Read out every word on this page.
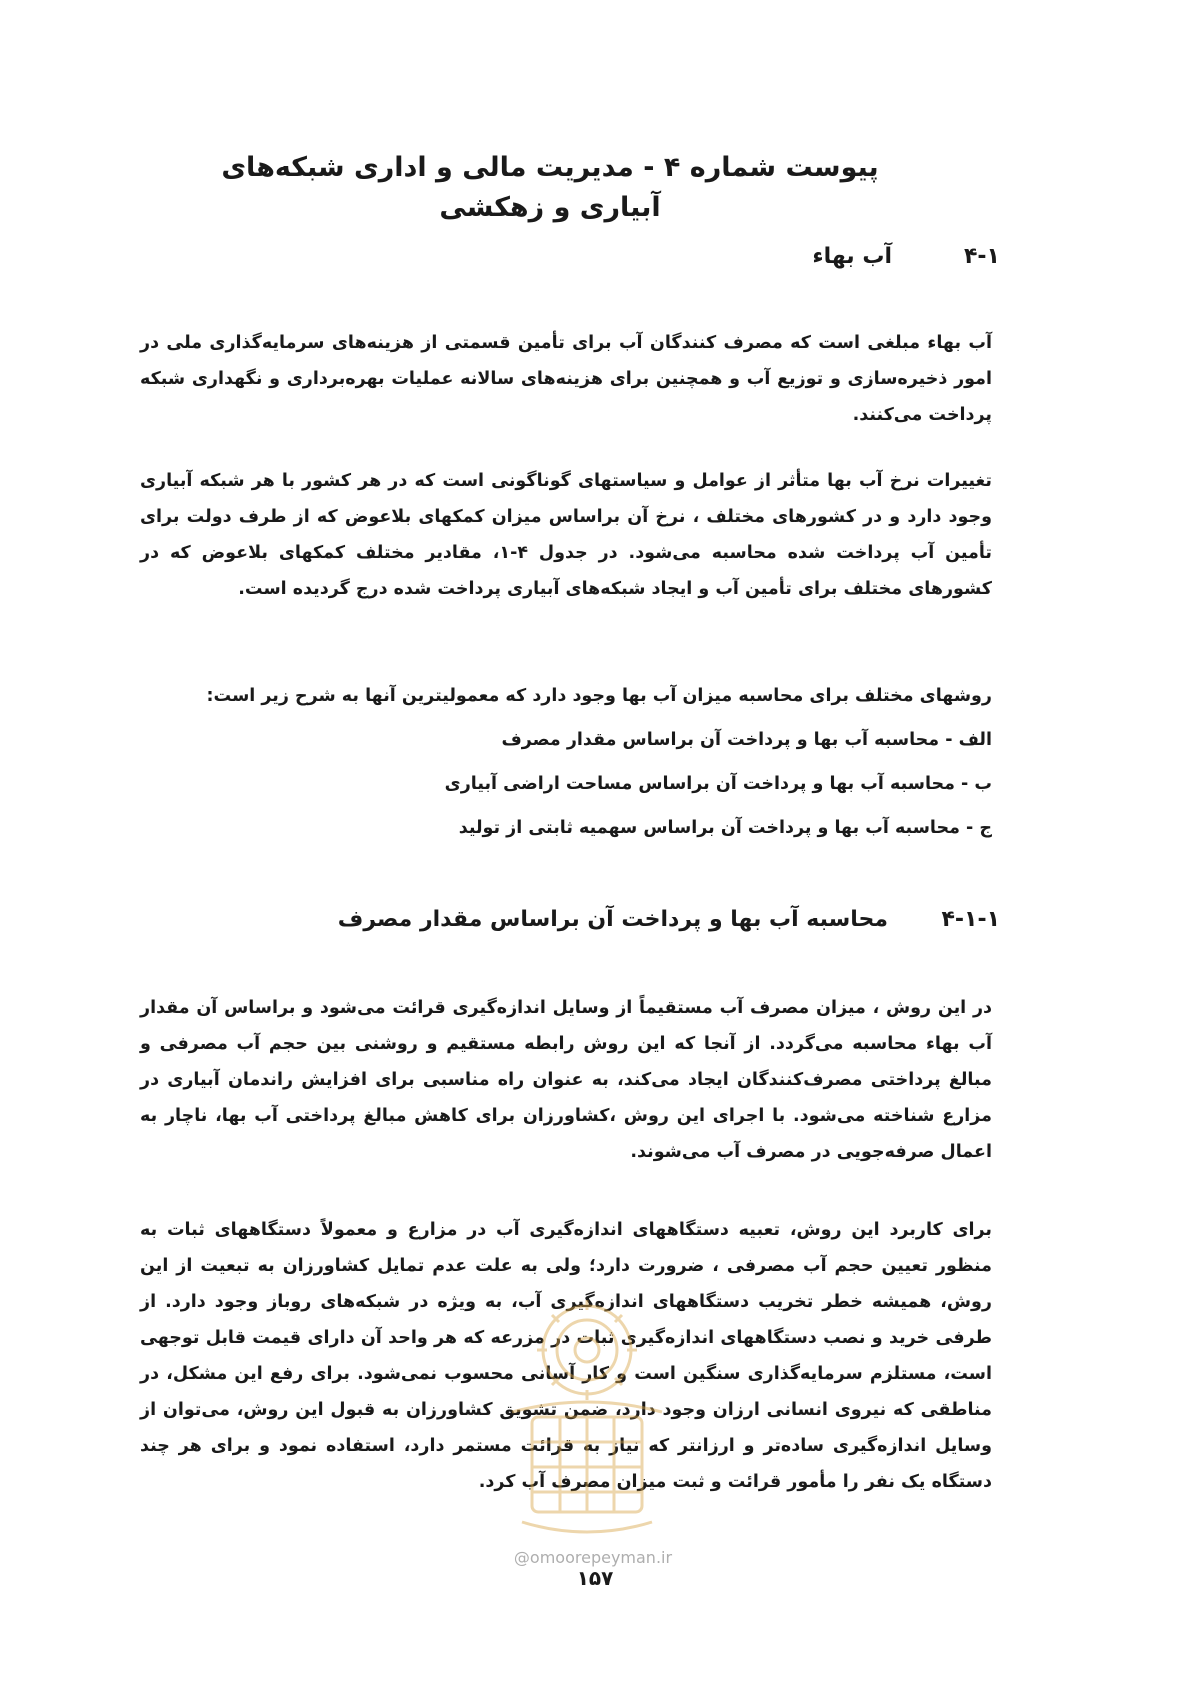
پیوست شماره ۴ - مدیریت مالی و اداری شبکه‌های آبیاری و زهکشی
۴-۱
آب بهاء
آب بهاء مبلغی است که مصرف کنندگان آب برای تأمین قسمتی از هزینه‌های سرمایه‌گذاری ملی در امور ذخیره‌سازی و توزیع آب و همچنین برای هزینه‌های سالانه عملیات بهره‌برداری و نگهداری شبکه پرداخت می‌کنند.
تغییرات نرخ آب بها متأثر از عوامل و سیاستهای گوناگونی است که در هر کشور با هر شبکه آبیاری وجود دارد و در کشورهای مختلف ، نرخ آن براساس میزان کمکهای بلاعوض که از طرف دولت برای تأمین آب پرداخت شده محاسبه می‌شود. در جدول ۴-۱، مقادیر مختلف کمکهای بلاعوض که در کشورهای مختلف برای تأمین آب و ایجاد شبکه‌های آبیاری پرداخت شده درج گردیده است.
روشهای مختلف برای محاسبه میزان آب بها وجود دارد که معمولیترین آنها به شرح زیر است:
الف - محاسبه آب بها و پرداخت آن براساس مقدار مصرف
ب - محاسبه آب بها و پرداخت آن براساس مساحت اراضی آبیاری
ج - محاسبه آب بها و پرداخت آن براساس سهمیه ثابتی از تولید
۴-۱-۱
محاسبه آب بها و پرداخت آن براساس مقدار مصرف
در این روش ، میزان مصرف آب مستقیماً از وسایل اندازه‌گیری قرائت می‌شود و براساس آن مقدار آب بهاء محاسبه می‌گردد. از آنجا که این روش رابطه مستقیم و روشنی بین حجم آب مصرفی و مبالغ پرداختی مصرف‌کنندگان ایجاد می‌کند، به عنوان راه مناسبی برای افزایش راندمان آبیاری در مزارع شناخته می‌شود. با اجرای این روش ،کشاورزان برای کاهش مبالغ پرداختی آب بها، ناچار به اعمال صرفه‌جویی در مصرف آب می‌شوند.
برای کاربرد این روش، تعبیه دستگاههای اندازه‌گیری آب در مزارع و معمولاً دستگاههای ثبات به منظور تعیین حجم آب مصرفی ، ضرورت دارد؛ ولی به علت عدم تمایل کشاورزان به تبعیت از این روش، همیشه خطر تخریب دستگاههای اندازه‌گیری آب، به ویژه در شبکه‌های روباز وجود دارد. از طرفی خرید و نصب دستگاههای اندازه‌گیری ثبات در مزرعه که هر واحد آن دارای قیمت قابل توجهی است، مستلزم سرمایه‌گذاری سنگین است و کار آسانی محسوب نمی‌شود. برای رفع این مشکل، در مناطقی که نیروی انسانی ارزان وجود دارد، ضمن تشویق کشاورزان به قبول این روش، می‌توان از وسایل اندازه‌گیری ساده‌تر و ارزانتر که نیاز به قرائت مستمر دارد، استفاده نمود و برای هر چند دستگاه یک نفر را مأمور قرائت و ثبت میزان مصرف آب کرد.
@omoorepeyman.ir
۱۵۷
